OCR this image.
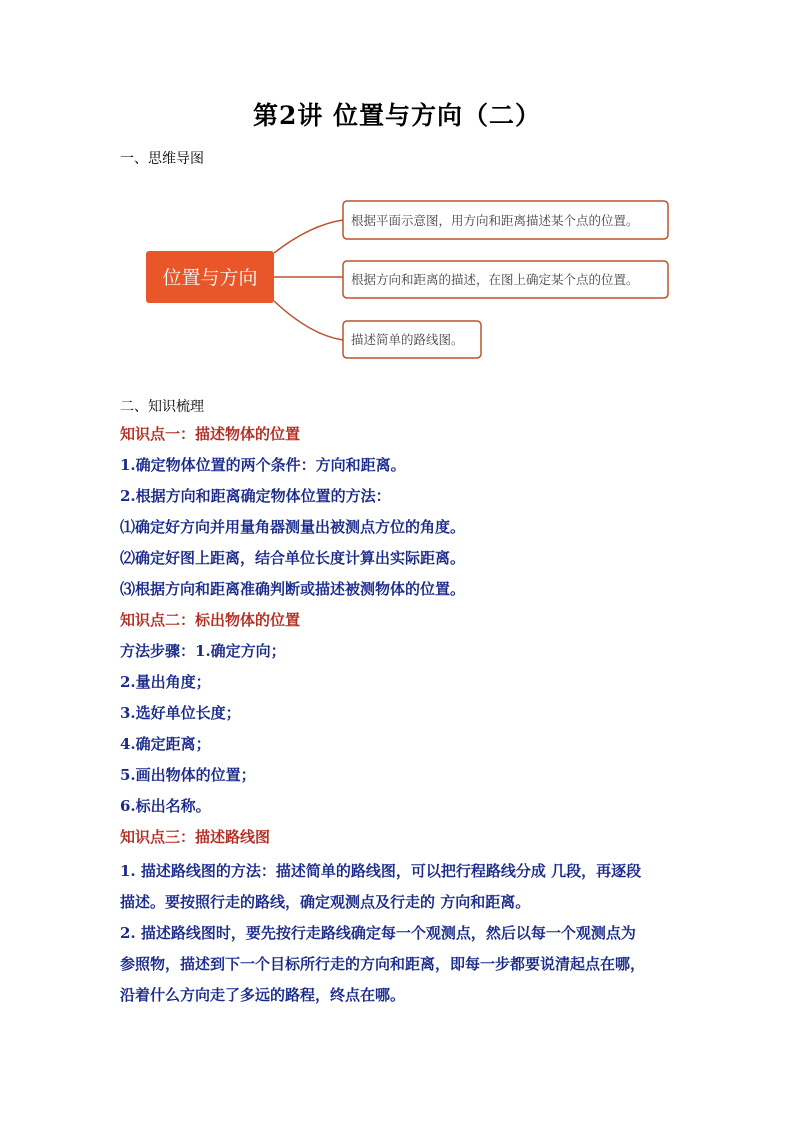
第2讲 位置与方向（二）
一、思维导图
位置与方向
根据平面示意图，用方向和距离描述某个点的位置。
根据方向和距离的描述，在图上确定某个点的位置。
描述简单的路线图。
二、知识梳理
知识点一：描述物体的位置
1.确定物体位置的两个条件：方向和距离。
2.根据方向和距离确定物体位置的方法：
⑴确定好方向并用量角器测量出被测点方位的角度。
⑵确定好图上距离，结合单位长度计算出实际距离。
⑶根据方向和距离准确判断或描述被测物体的位置。
知识点二：标出物体的位置
方法步骤：1.确定方向；
2.量出角度；
3.选好单位长度；
4.确定距离；
5.画出物体的位置；
6.标出名称。
知识点三：描述路线图
1. 描述路线图的方法：描述简单的路线图，可以把行程路线分成 几段，再逐段
描述。要按照行走的路线，确定观测点及行走的 方向和距离。
2. 描述路线图时，要先按行走路线确定每一个观测点，然后以每一个观测点为
参照物，描述到下一个目标所行走的方向和距离，即每一步都要说清起点在哪，
沿着什么方向走了多远的路程，终点在哪。
